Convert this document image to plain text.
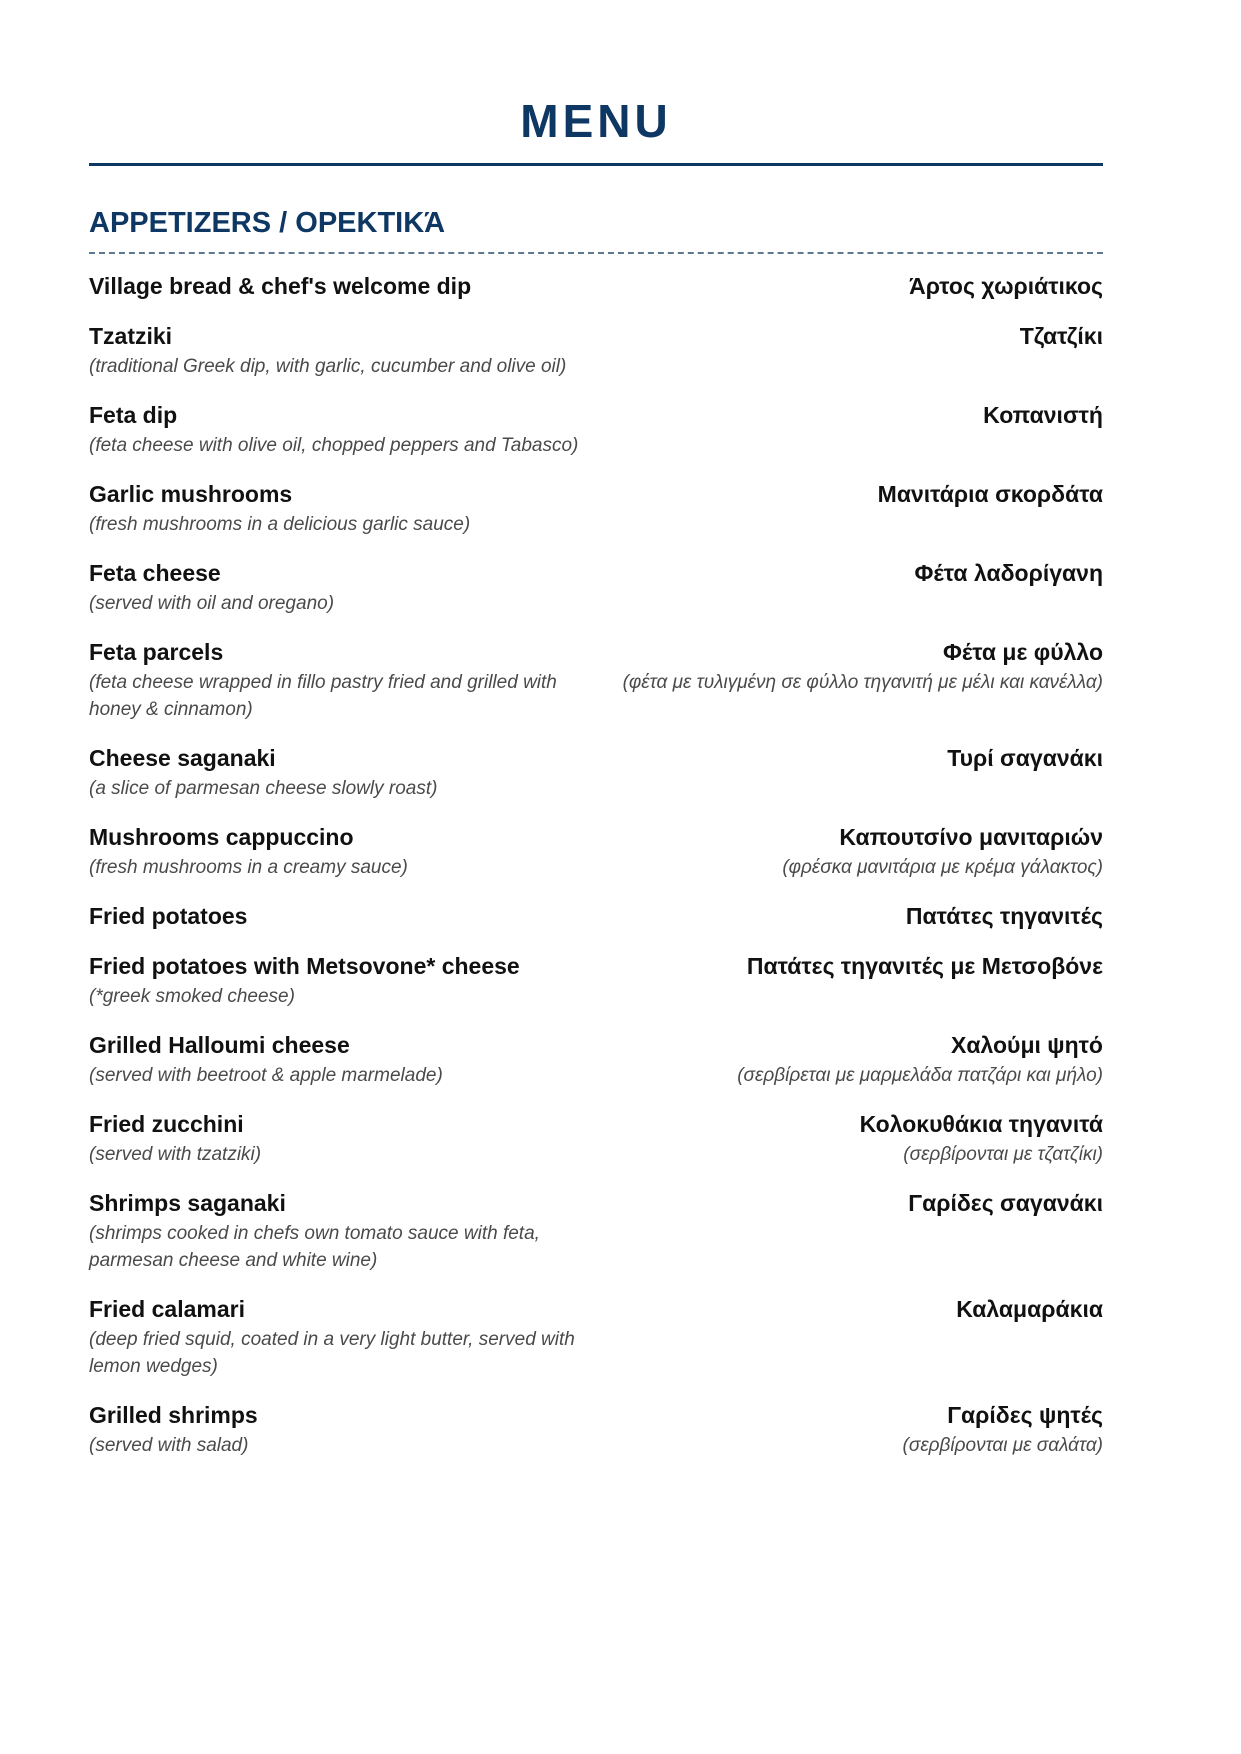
MENU
APPETIZERS / ΟΡΕΚΤΙΚΆ
Village bread & chef's welcome dip	Άρτος χωριάτικος
Tzatziki
(traditional Greek dip, with garlic, cucumber and olive oil)
Τζατζίκι
Feta dip
(feta cheese with olive oil, chopped peppers and Tabasco)
Κοπανιστή
Garlic mushrooms
(fresh mushrooms in a delicious garlic sauce)
Μανιτάρια σκορδάτα
Feta cheese
(served with oil and oregano)
Φέτα λαδορίγανη
Feta parcels
(feta cheese wrapped in fillo pastry fried and grilled with honey & cinnamon)
Φέτα με φύλλο
(φέτα με τυλιγμένη σε φύλλο τηγανιτή με μέλι και κανέλλα)
Cheese saganaki
(a slice of parmesan cheese slowly roast)
Τυρί σαγανάκι
Mushrooms cappuccino
(fresh mushrooms in a creamy sauce)
Καπουτσίνο μανιταριών
(φρέσκα μανιτάρια με κρέμα γάλακτος)
Fried potatoes	Πατάτες τηγανιτές
Fried potatoes with Metsovone* cheese
(*greek smoked cheese)
Πατάτες τηγανιτές με Μετσοβόνε
Grilled Halloumi cheese
(served with beetroot & apple marmelade)
Χαλούμι ψητό
(σερβίρεται με μαρμελάδα πατζάρι και μήλο)
Fried zucchini
(served with tzatziki)
Κολοκυθάκια τηγανιτά
(σερβίρονται με τζατζίκι)
Shrimps saganaki
(shrimps cooked in chefs own tomato sauce with feta, parmesan cheese and white wine)
Γαρίδες σαγανάκι
Fried calamari
(deep fried squid, coated in a very light butter, served with lemon wedges)
Καλαμαράκια
Grilled shrimps
(served with salad)
Γαρίδες ψητές
(σερβίρονται με σαλάτα)
